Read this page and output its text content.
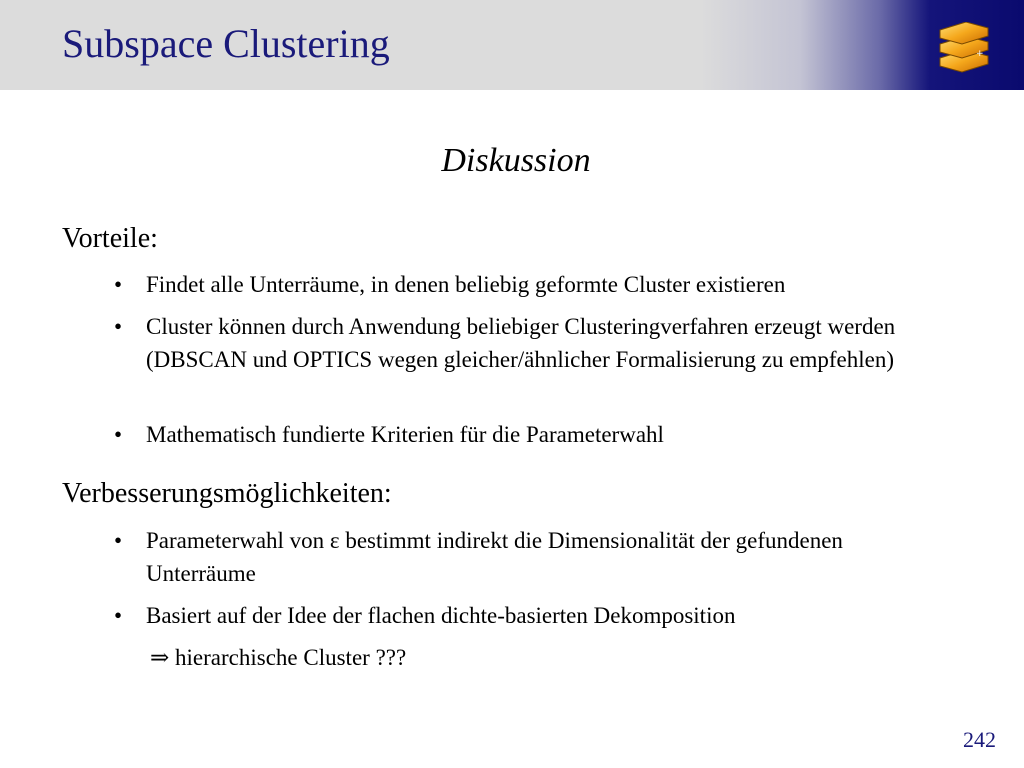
Subspace Clustering	+
Diskussion
Vorteile:
• Findet alle Unterräume, in denen beliebig geformte Cluster existieren
• Cluster können durch Anwendung beliebiger Clusteringverfahren erzeugt werden (DBSCAN und OPTICS wegen gleicher/ähnlicher Formalisierung zu empfehlen)
• Mathematisch fundierte Kriterien für die Parameterwahl
Verbesserungsmöglichkeiten:
• Parameterwahl von ε bestimmt indirekt die Dimensionalität der gefundenen Unterräume
• Basiert auf der Idee der flachen dichte-basierten Dekomposition
⇒ hierarchische Cluster ???
242
